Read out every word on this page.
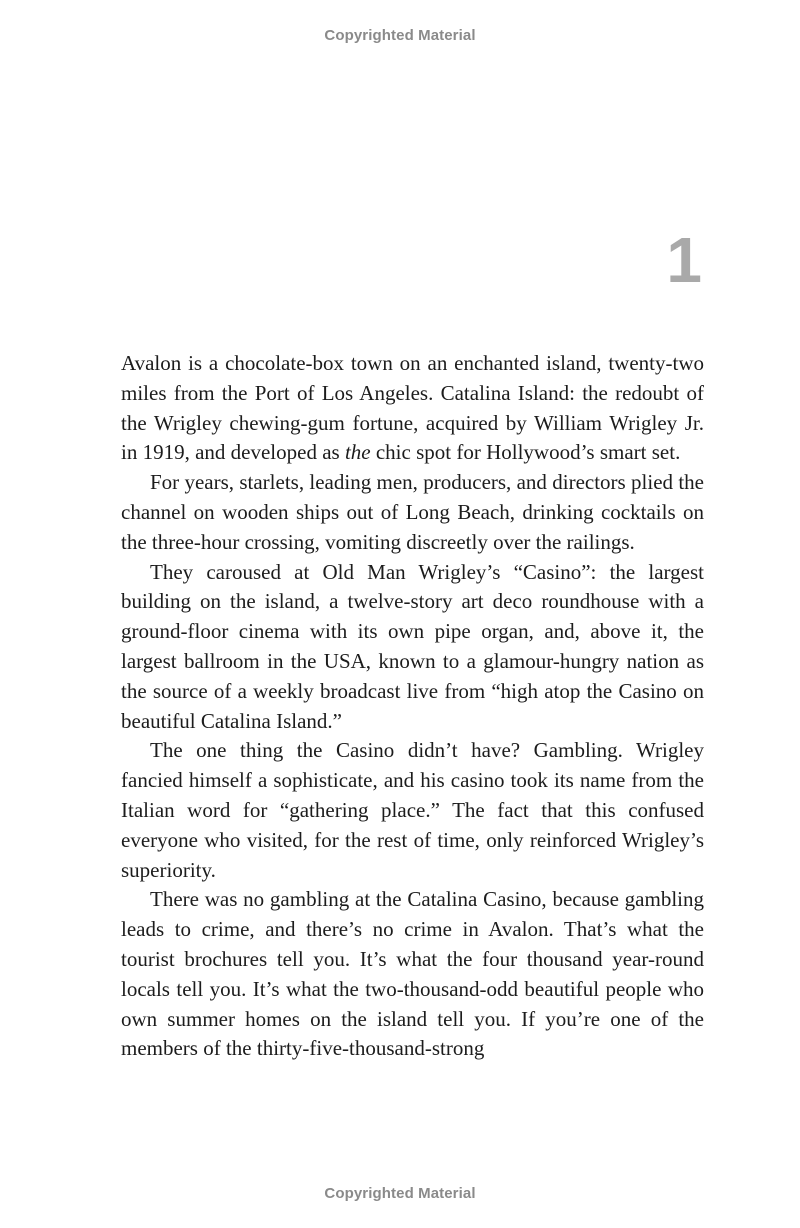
Copyrighted Material
1

Avalon is a chocolate-box town on an enchanted island, twenty-two miles from the Port of Los Angeles. Catalina Island: the redoubt of the Wrigley chewing-gum fortune, acquired by William Wrigley Jr. in 1919, and developed as the chic spot for Hollywood’s smart set.

For years, starlets, leading men, producers, and directors plied the channel on wooden ships out of Long Beach, drinking cocktails on the three-hour crossing, vomiting discreetly over the railings.

They caroused at Old Man Wrigley’s “Casino”: the largest building on the island, a twelve-story art deco roundhouse with a ground-floor cinema with its own pipe organ, and, above it, the largest ballroom in the USA, known to a glamour-hungry nation as the source of a weekly broadcast live from “high atop the Casino on beautiful Catalina Island.”

The one thing the Casino didn’t have? Gambling. Wrigley fancied himself a sophisticate, and his casino took its name from the Italian word for “gathering place.” The fact that this confused everyone who visited, for the rest of time, only reinforced Wrigley’s superiority.

There was no gambling at the Catalina Casino, because gambling leads to crime, and there’s no crime in Avalon. That’s what the tourist brochures tell you. It’s what the four thousand year-round locals tell you. It’s what the two-thousand-odd beautiful people who own summer homes on the island tell you. If you’re one of the members of the thirty-five-thousand-strong

Copyrighted Material
